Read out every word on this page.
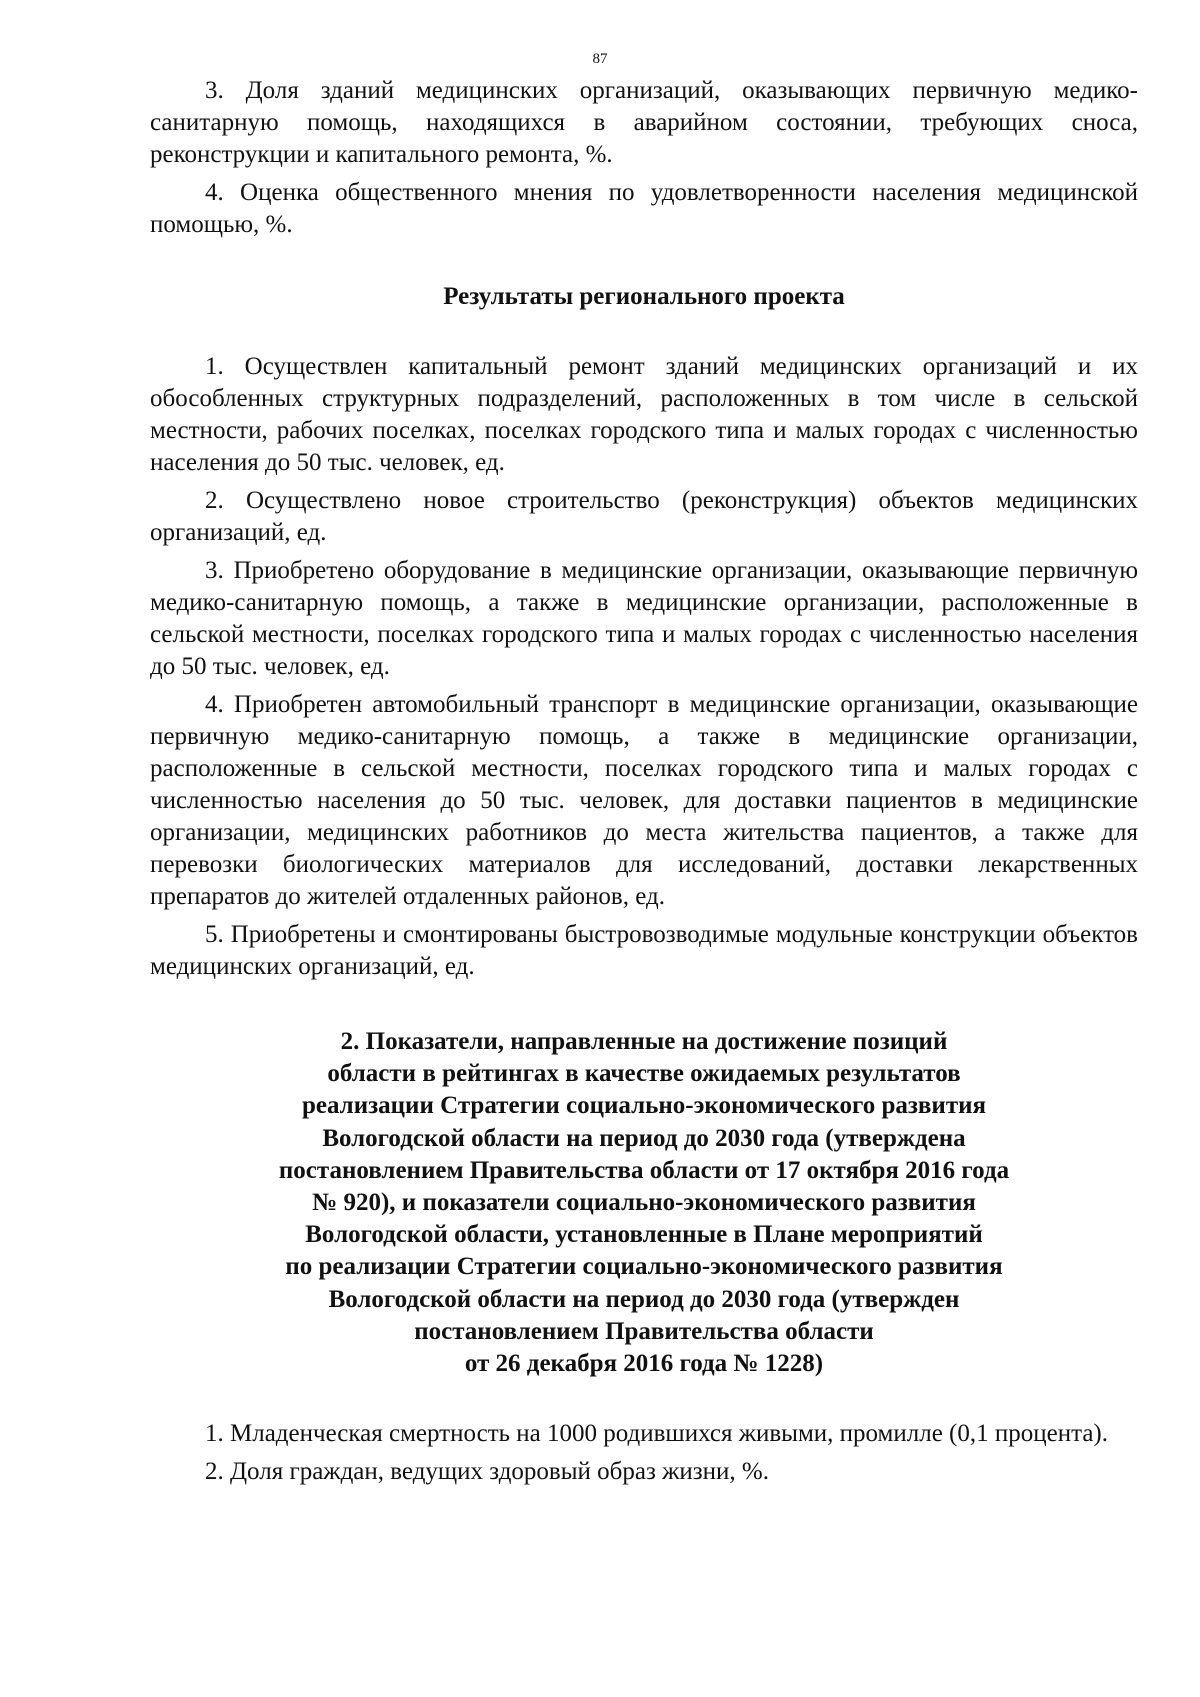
87

3. Доля зданий медицинских организаций, оказывающих первичную медико-санитарную помощь, находящихся в аварийном состоянии, требующих сноса, реконструкции и капитального ремонта, %.

4. Оценка общественного мнения по удовлетворенности населения медицинской помощью, %.

Результаты регионального проекта

1. Осуществлен капитальный ремонт зданий медицинских организаций и их обособленных структурных подразделений, расположенных в том числе в сельской местности, рабочих поселках, поселках городского типа и малых городах с численностью населения до 50 тыс. человек, ед.

2. Осуществлено новое строительство (реконструкция) объектов медицинских организаций, ед.

3. Приобретено оборудование в медицинские организации, оказывающие первичную медико-санитарную помощь, а также в медицинские организации, расположенные в сельской местности, поселках городского типа и малых городах с численностью населения до 50 тыс. человек, ед.

4. Приобретен автомобильный транспорт в медицинские организации, оказывающие первичную медико-санитарную помощь, а также в медицинские организации, расположенные в сельской местности, поселках городского типа и малых городах с численностью населения до 50 тыс. человек, для доставки пациентов в медицинские организации, медицинских работников до места жительства пациентов, а также для перевозки биологических материалов для исследований, доставки лекарственных препаратов до жителей отдаленных районов, ед.

5. Приобретены и смонтированы быстровозводимые модульные конструкции объектов медицинских организаций, ед.

2. Показатели, направленные на достижение позиций
области в рейтингах в качестве ожидаемых результатов
реализации Стратегии социально-экономического развития
Вологодской области на период до 2030 года (утверждена
постановлением Правительства области от 17 октября 2016 года
№ 920), и показатели социально-экономического развития
Вологодской области, установленные в Плане мероприятий
по реализации Стратегии социально-экономического развития
Вологодской области на период до 2030 года (утвержден
постановлением Правительства области
от 26 декабря 2016 года № 1228)

1. Младенческая смертность на 1000 родившихся живыми, промилле (0,1 процента).

2. Доля граждан, ведущих здоровый образ жизни, %.
